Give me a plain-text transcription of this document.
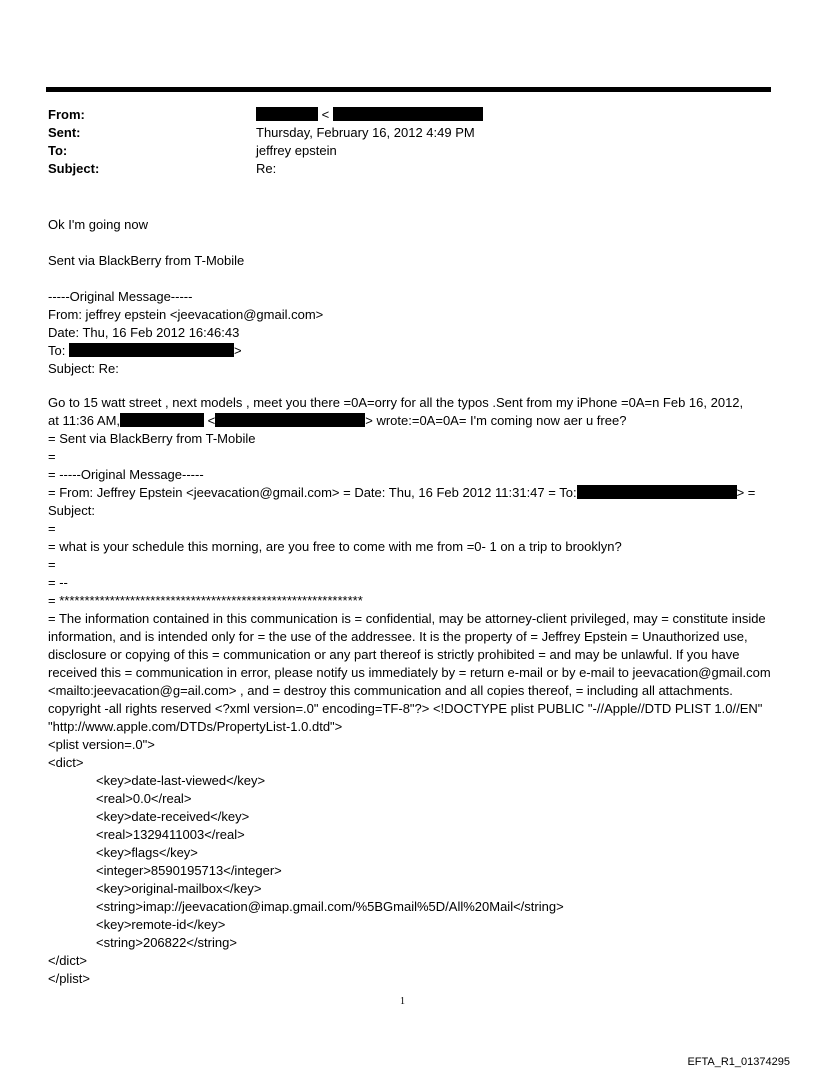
From:	<
Sent:	Thursday, February 16, 2012 4:49 PM
To:	jeffrey epstein
Subject:	Re:
Ok I'm going now
Sent via BlackBerry from T-Mobile
-----Original Message-----
From: jeffrey epstein <jeevacation@gmail.com>
Date: Thu, 16 Feb 2012 16:46:43
To:	>
Subject: Re:
Go to 15 watt street , next models , meet you there =0A=orry for all the typos .Sent from my iPhone =0A=n Feb 16, 2012,
at 11:36 AM,	<	> wrote:=0A=0A= I'm coming now aer u free?
= Sent via BlackBerry from T-Mobile
=
= -----Original Message-----
= From: Jeffrey Epstein <jeevacation@gmail.com> = Date: Thu, 16 Feb 2012 11:31:47 = To:	> =
Subject:
=
= what is your schedule this morning, are you free to come with me from =0- 1 on a trip to brooklyn?
=
= --
= ************************************************************
= The information contained in this communication is = confidential, may be attorney-client privileged, may = constitute inside information, and is intended only for = the use of the addressee. It is the property of = Jeffrey Epstein = Unauthorized use, disclosure or copying of this = communication or any part thereof is strictly prohibited = and may be unlawful. If you have received this = communication in error, please notify us immediately by = return e-mail or by e-mail to jeevacation@gmail.com <mailto:jeevacation@g=ail.com> , and = destroy this communication and all copies thereof, = including all attachments. copyright -all rights reserved <?xml version=.0" encoding=TF-8"?> <!DOCTYPE plist PUBLIC "-//Apple//DTD PLIST 1.0//EN" "http://www.apple.com/DTDs/PropertyList-1.0.dtd">
<plist version=.0">
<dict>
<key>date-last-viewed</key>
<real>0.0</real>
<key>date-received</key>
<real>1329411003</real>
<key>flags</key>
<integer>8590195713</integer>
<key>original-mailbox</key>
<string>imap://jeevacation@imap.gmail.com/%5BGmail%5D/All%20Mail</string>
<key>remote-id</key>
<string>206822</string>
</dict>
</plist>
1
EFTA_R1_01374295
